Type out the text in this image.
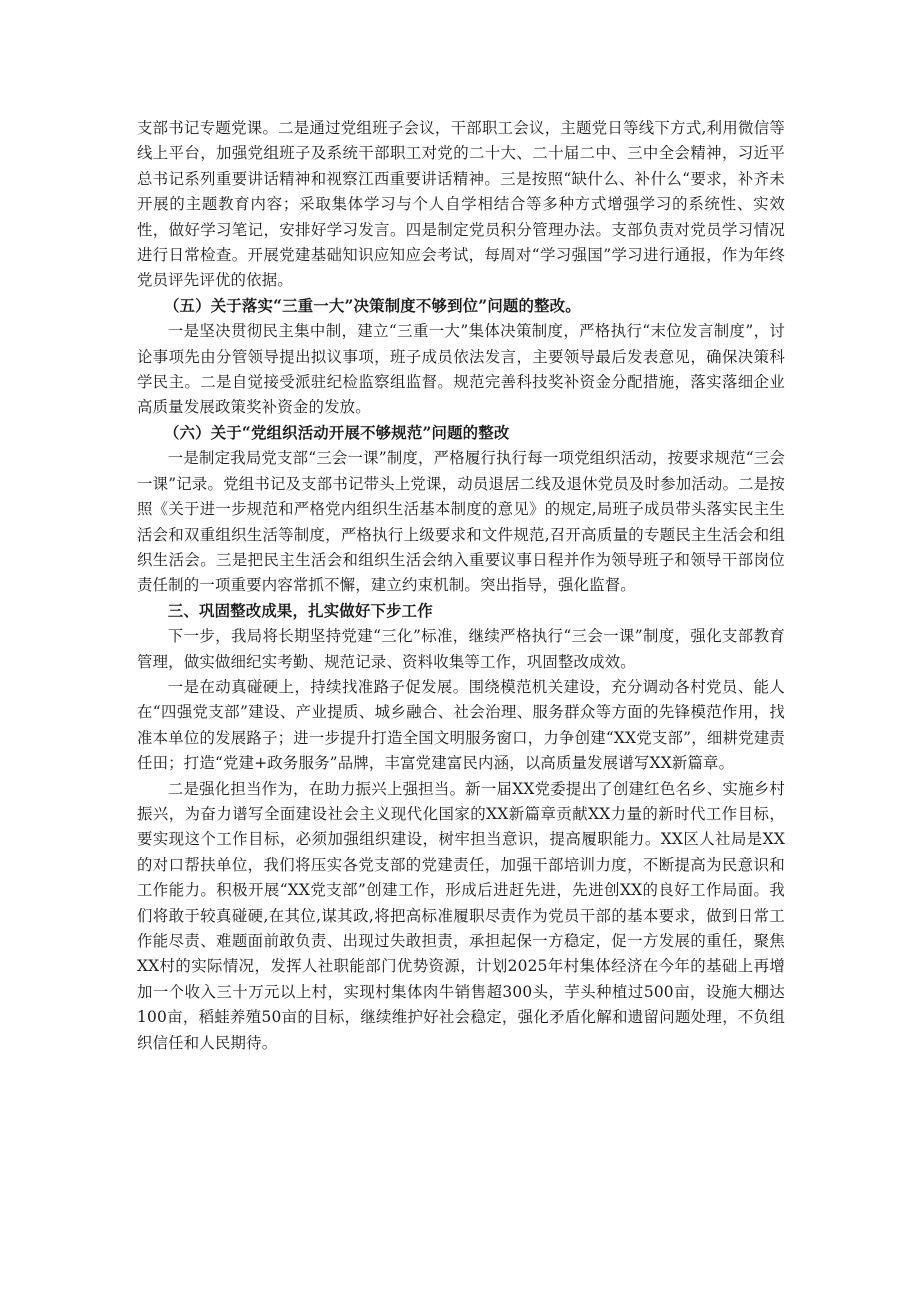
支部书记专题党课。二是通过党组班子会议，干部职工会议，主题党日等线下方式,利用微信等线上平台，加强党组班子及系统干部职工对党的二十大、二十届二中、三中全会精神，习近平总书记系列重要讲话精神和视察江西重要讲话精神。三是按照“缺什么、补什么“要求，补齐未开展的主题教育内容；采取集体学习与个人自学相结合等多种方式增强学习的系统性、实效性，做好学习笔记，安排好学习发言。四是制定党员积分管理办法。支部负责对党员学习情况进行日常检查。开展党建基础知识应知应会考试，每周对“学习强国”学习进行通报，作为年终党员评先评优的依据。

（五）关于落实“三重一大”决策制度不够到位”问题的整改。

一是坚决贯彻民主集中制，建立“三重一大”集体决策制度，严格执行“末位发言制度”，讨论事项先由分管领导提出拟议事项，班子成员依法发言，主要领导最后发表意见，确保决策科学民主。二是自觉接受派驻纪检监察组监督。规范完善科技奖补资金分配措施，落实落细企业高质量发展政策奖补资金的发放。

（六）关于“党组织活动开展不够规范”问题的整改

一是制定我局党支部“三会一课”制度，严格履行执行每一项党组织活动，按要求规范“三会一课”记录。党组书记及支部书记带头上党课，动员退居二线及退休党员及时参加活动。二是按照《关于进一步规范和严格党内组织生活基本制度的意见》的规定,局班子成员带头落实民主生活会和双重组织生活等制度，严格执行上级要求和文件规范,召开高质量的专题民主生活会和组织生活会。三是把民主生活会和组织生活会纳入重要议事日程并作为领导班子和领导干部岗位责任制的一项重要内容常抓不懈，建立约束机制。突出指导，强化监督。

三、巩固整改成果，扎实做好下步工作

下一步，我局将长期坚持党建“三化”标准，继续严格执行“三会一课”制度，强化支部教育管理，做实做细纪实考勤、规范记录、资料收集等工作，巩固整改成效。

一是在动真碰硬上，持续找准路子促发展。围绕模范机关建设，充分调动各村党员、能人在“四强党支部”建设、产业提质、城乡融合、社会治理、服务群众等方面的先锋模范作用，找准本单位的发展路子；进一步提升打造全国文明服务窗口，力争创建“XX党支部”，细耕党建责任田；打造“党建+政务服务”品牌，丰富党建富民内涵，以高质量发展谱写XX新篇章。

二是强化担当作为，在助力振兴上强担当。新一届XX党委提出了创建红色名乡、实施乡村振兴，为奋力谱写全面建设社会主义现代化国家的XX新篇章贡献XX力量的新时代工作目标，要实现这个工作目标，必须加强组织建设，树牢担当意识，提高履职能力。XX区人社局是XX的对口帮扶单位，我们将压实各党支部的党建责任，加强干部培训力度，不断提高为民意识和工作能力。积极开展“XX党支部”创建工作，形成后进赶先进，先进创XX的良好工作局面。我们将敢于较真碰硬,在其位,谋其政,将把高标准履职尽责作为党员干部的基本要求，做到日常工作能尽责、难题面前敢负责、出现过失敢担责，承担起保一方稳定，促一方发展的重任，聚焦XX村的实际情况，发挥人社职能部门优势资源，计划2025年村集体经济在今年的基础上再增加一个收入三十万元以上村，实现村集体肉牛销售超300头，芋头种植过500亩，设施大棚达100亩，稻蛙养殖50亩的目标，继续维护好社会稳定，强化矛盾化解和遗留问题处理，不负组织信任和人民期待。
